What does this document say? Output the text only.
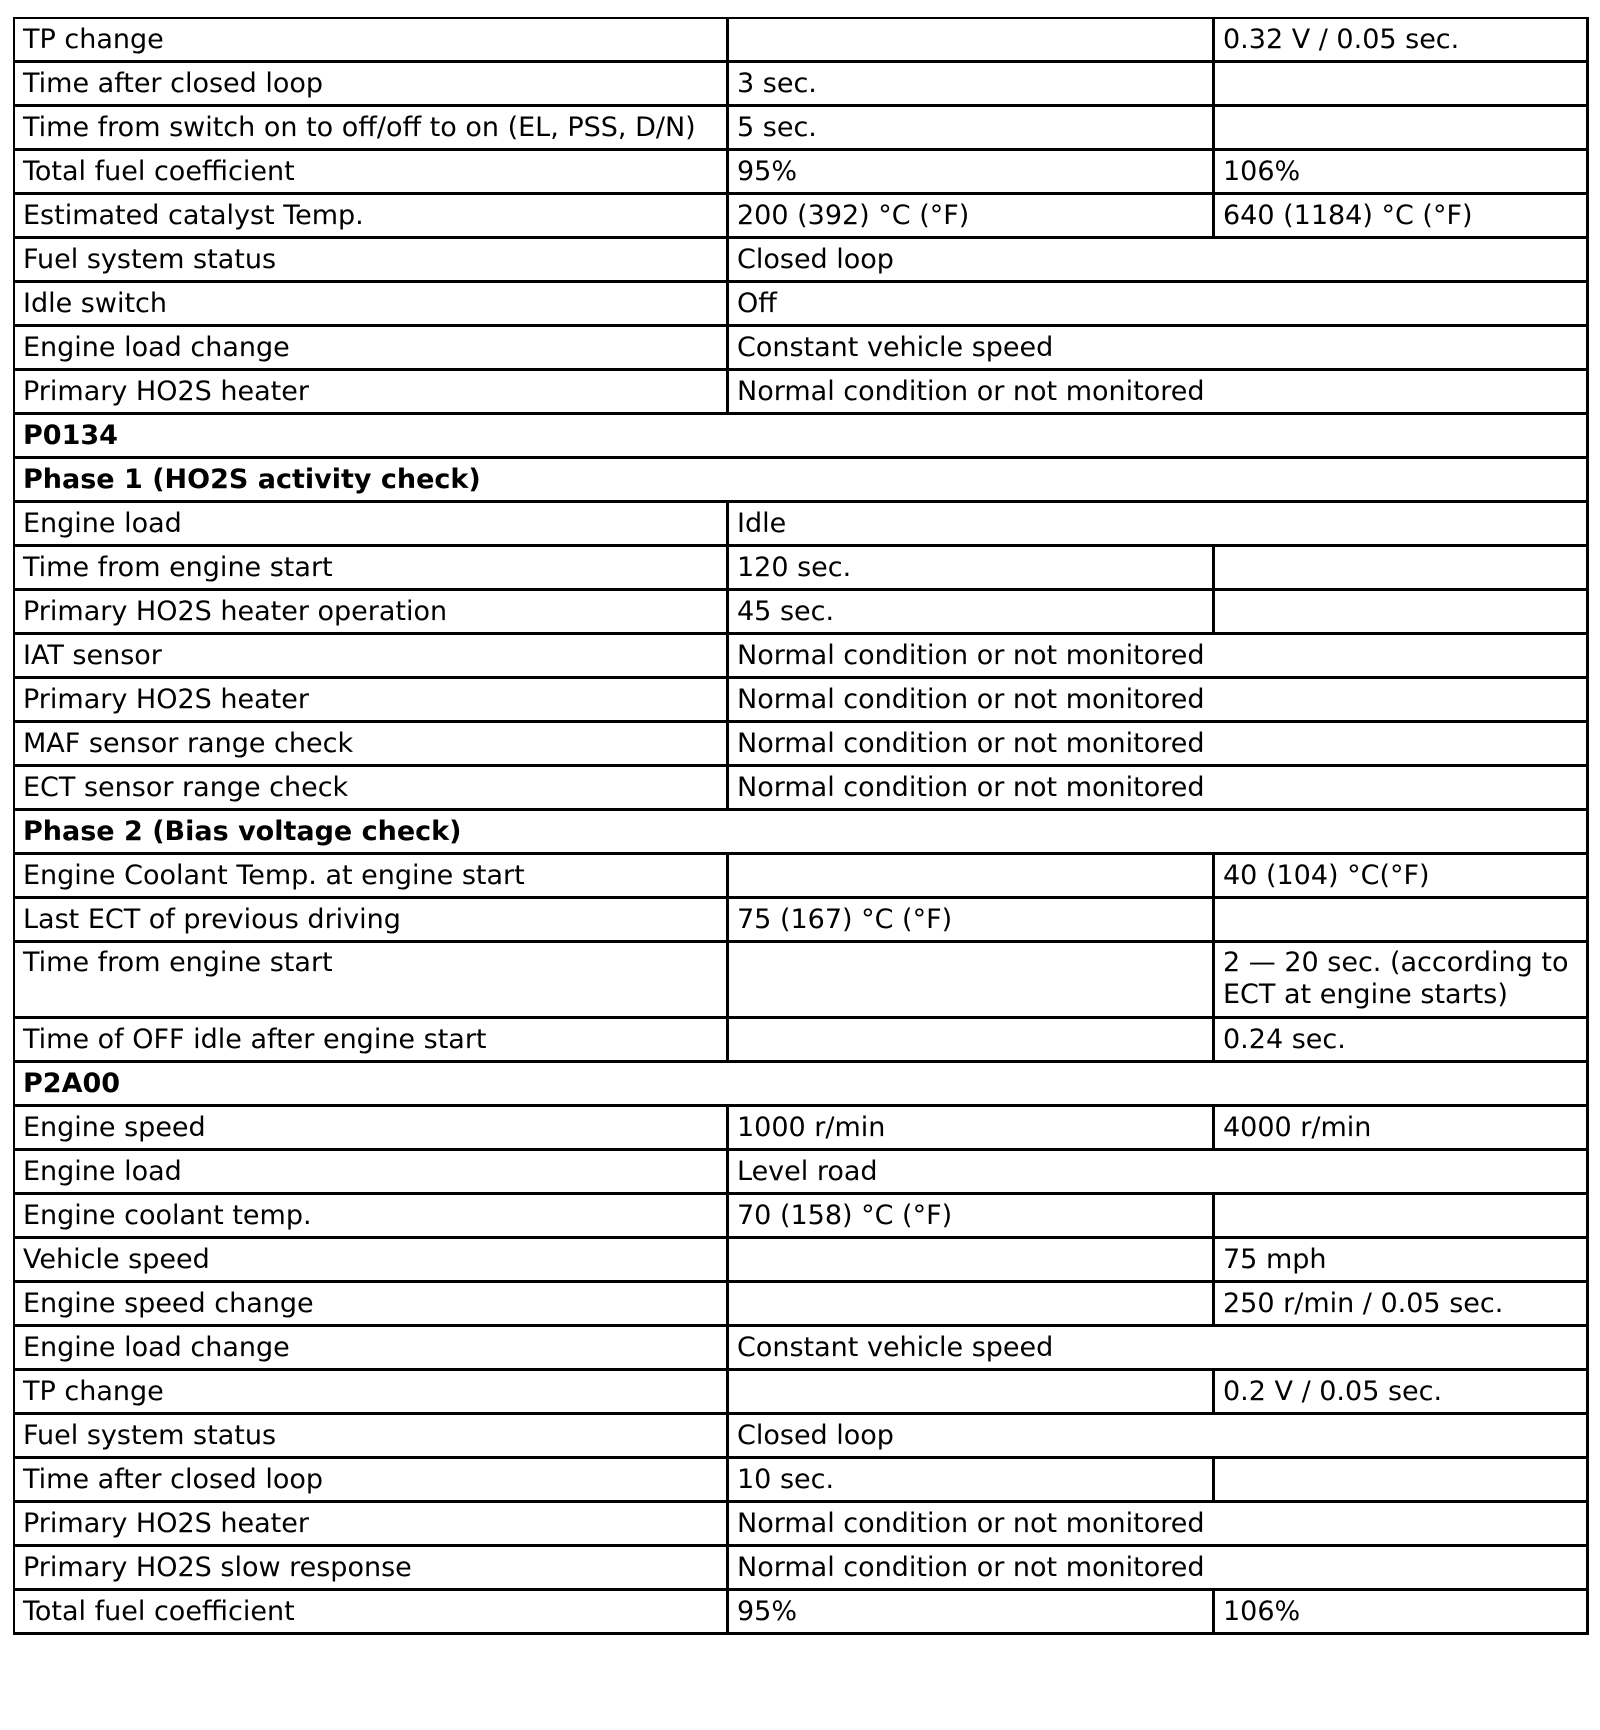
TP change		0.32 V / 0.05 sec.
Time after closed loop	3 sec.	
Time from switch on to off/off to on (EL, PSS, D/N)	5 sec.	
Total fuel coefficient	95%	106%
Estimated catalyst Temp.	200 (392) °C (°F)	640 (1184) °C (°F)
Fuel system status	Closed loop	
Idle switch	Off	
Engine load change	Constant vehicle speed	
Primary HO2S heater	Normal condition or not monitored	
P0134		
Phase 1 (HO2S activity check)		
Engine load	Idle	
Time from engine start	120 sec.	
Primary HO2S heater operation	45 sec.	
IAT sensor	Normal condition or not monitored	
Primary HO2S heater	Normal condition or not monitored	
MAF sensor range check	Normal condition or not monitored	
ECT sensor range check	Normal condition or not monitored	
Phase 2 (Bias voltage check)		
Engine Coolant Temp. at engine start		40 (104) °C(°F)
Last ECT of previous driving	75 (167) °C (°F)	
Time from engine start		2 — 20 sec. (according to ECT at engine starts)
Time of OFF idle after engine start		0.24 sec.
P2A00		
Engine speed	1000 r/min	4000 r/min
Engine load	Level road	
Engine coolant temp.	70 (158) °C (°F)	
Vehicle speed		75 mph
Engine speed change		250 r/min / 0.05 sec.
Engine load change	Constant vehicle speed	
TP change		0.2 V / 0.05 sec.
Fuel system status	Closed loop	
Time after closed loop	10 sec.	
Primary HO2S heater	Normal condition or not monitored	
Primary HO2S slow response	Normal condition or not monitored	
Total fuel coefficient	95%	106%
